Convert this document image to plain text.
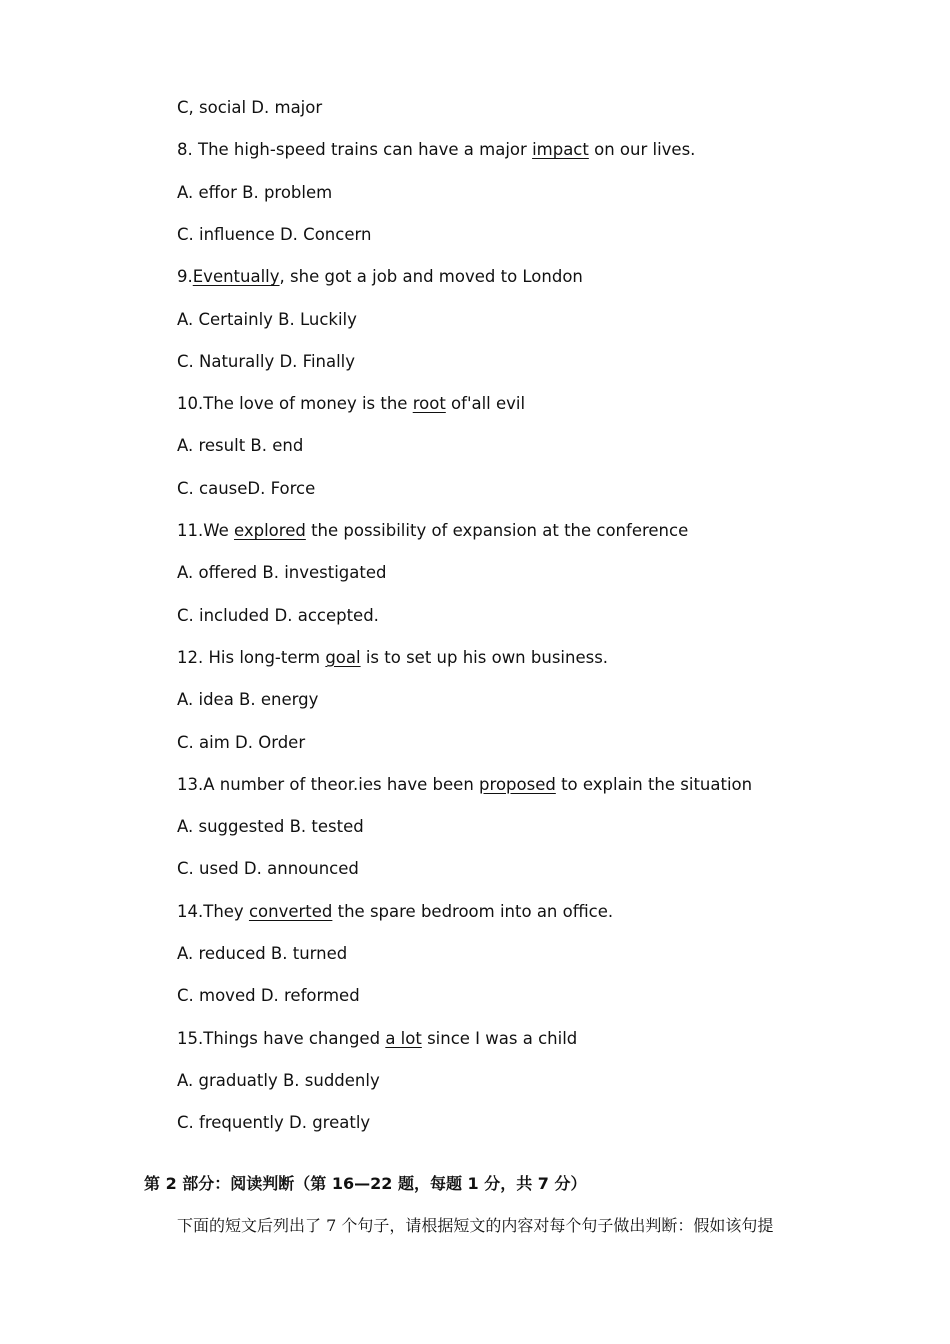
C, social D. major
8. The high-speed trains can have a major impact on our lives.
A. effor B. problem
C. influence D. Concern
9.Eventually, she got a job and moved to London
A. Certainly B. Luckily
C. Naturally D. Finally
10.The love of money is the root of'all evil
A. result B. end
C. causeD. Force
11.We explored the possibility of expansion at the conference
A. offered B. investigated
C. included D. accepted.
12. His long-term goal is to set up his own business.
A. idea B. energy
C. aim D. Order
13.A number of theor.ies have been proposed to explain the situation
A. suggested B. tested
C. used D. announced
14.They converted the spare bedroom into an office.
A. reduced B. turned
C. moved D. reformed
15.Things have changed a lot since I was a child
A. graduatly B. suddenly
C. frequently D. greatly
第 2 部分：阅读判断（第 16—22 题，每题 1 分，共 7 分）
下面的短文后列出了 7 个句子，请根据短文的内容对每个句子做出判断：假如该句提
